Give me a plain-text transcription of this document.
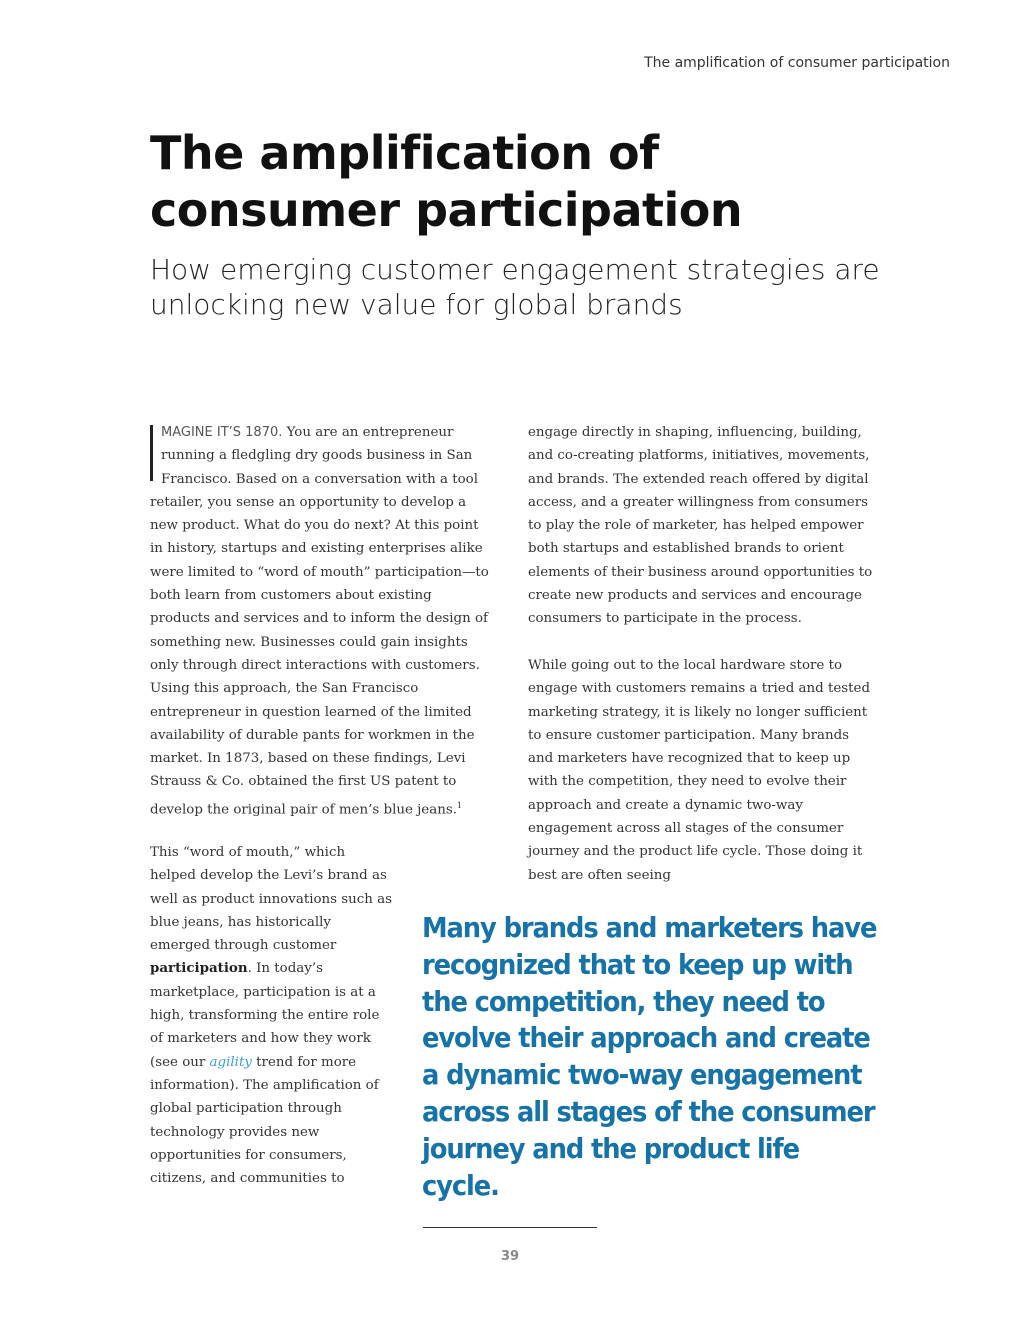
The amplification of consumer participation
The amplification of consumer participation
How emerging customer engagement strategies are unlocking new value for global brands

MAGINE IT’S 1870. You are an entrepreneur running a fledgling dry goods business in San Francisco. Based on a conversation with a tool retailer, you sense an opportunity to develop a new product. What do you do next? At this point in history, startups and existing enterprises alike were limited to “word of mouth” participation—to both learn from customers about existing products and services and to inform the design of something new. Businesses could gain insights only through direct interactions with customers. Using this approach, the San Francisco entrepreneur in question learned of the limited availability of durable pants for workmen in the market. In 1873, based on these findings, Levi Strauss & Co. obtained the first US patent to develop the original pair of men’s blue jeans.$^1$

This “word of mouth,” which helped develop the Levi’s brand as well as product innovations such as blue jeans, has historically emerged through customer participation. In today’s marketplace, participation is at a high, transforming the entire role of marketers and how they work (see our agility trend for more information). The amplification of global participation through technology provides new opportunities for consumers, citizens, and communities to

engage directly in shaping, influencing, building, and co-creating platforms, initiatives, movements, and brands. The extended reach offered by digital access, and a greater willingness from consumers to play the role of marketer, has helped empower both startups and established brands to orient elements of their business around opportunities to create new products and services and encourage consumers to participate in the process.

While going out to the local hardware store to engage with customers remains a tried and tested marketing strategy, it is likely no longer sufficient to ensure customer participation. Many brands and marketers have recognized that to keep up with the competition, they need to evolve their approach and create a dynamic two-way engagement across all stages of the consumer journey and the product life cycle. Those doing it best are often seeing

Many brands and marketers have recognized that to keep up with the competition, they need to evolve their approach and create a dynamic two-way engagement across all stages of the consumer journey and the product life cycle.

39
